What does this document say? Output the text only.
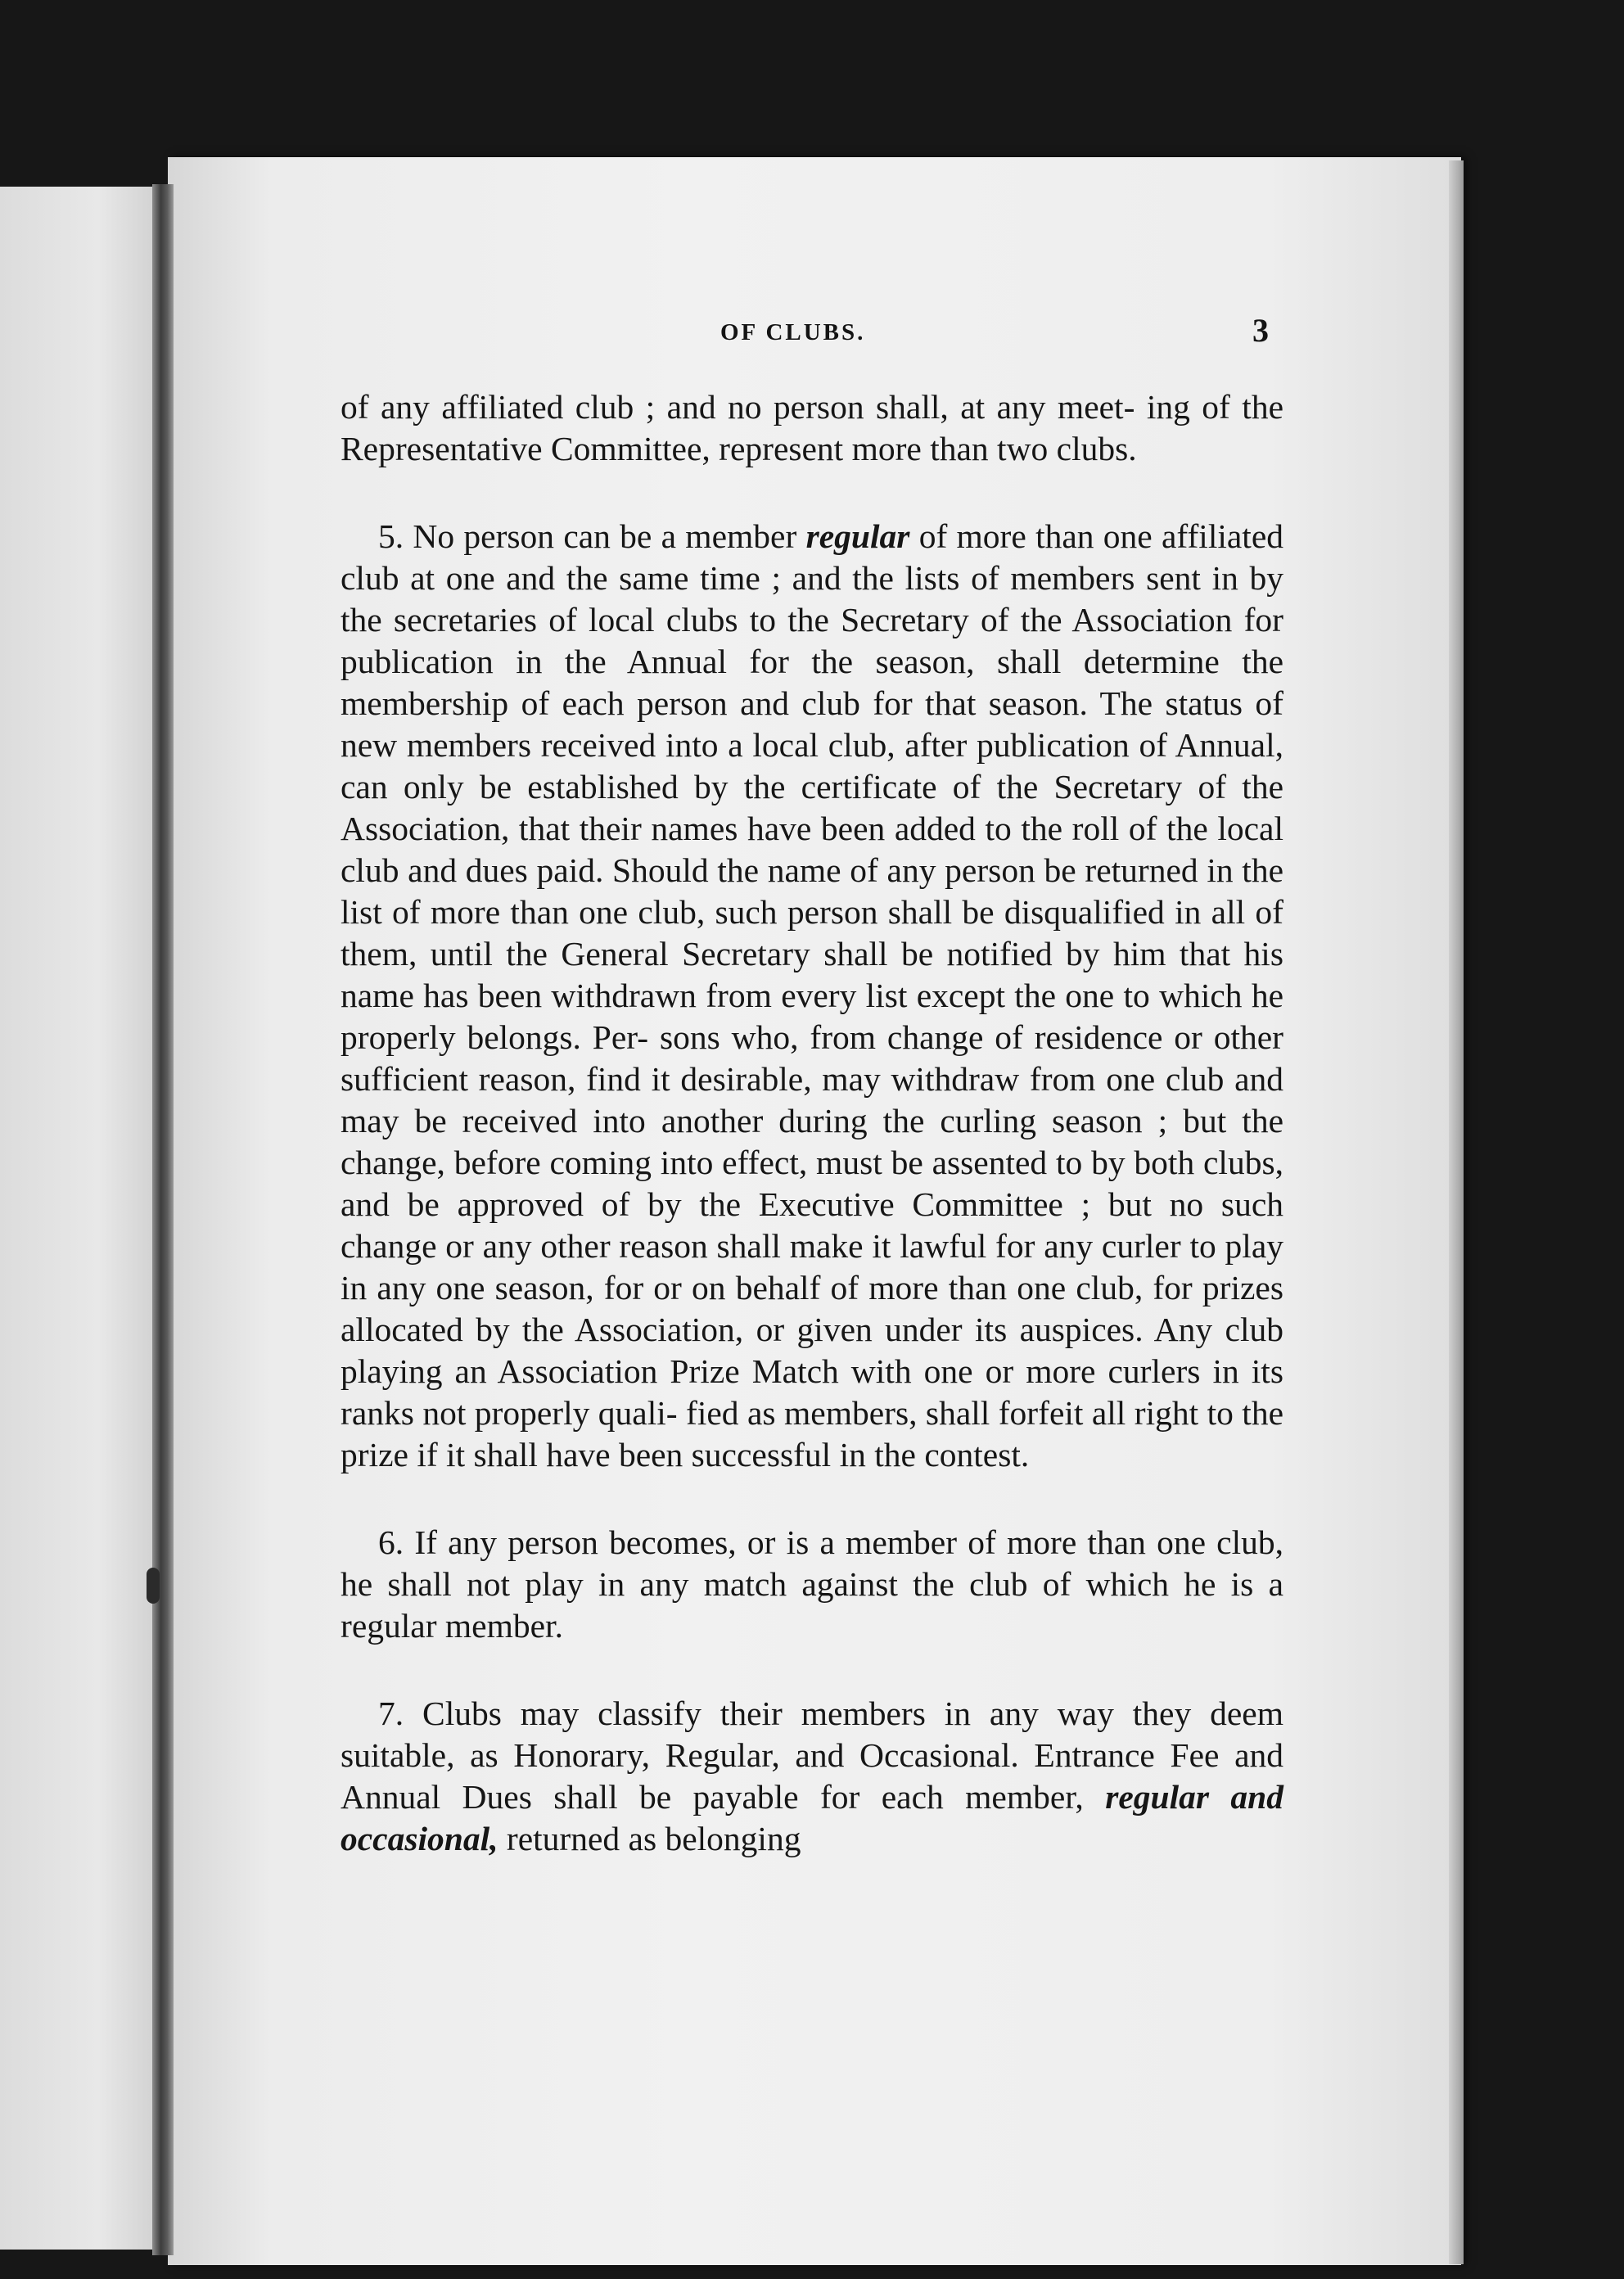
OF CLUBS.	3

of any affiliated club ; and no person shall, at any meet- ing of the Representative Committee, represent more than two clubs.

5. No person can be a member regular of more than one affiliated club at one and the same time ; and the lists of members sent in by the secretaries of local clubs to the Secretary of the Association for publication in the Annual for the season, shall determine the membership of each person and club for that season. The status of new members received into a local club, after publication of Annual, can only be established by the certificate of the Secretary of the Association, that their names have been added to the roll of the local club and dues paid. Should the name of any person be returned in the list of more than one club, such person shall be disqualified in all of them, until the General Secretary shall be notified by him that his name has been withdrawn from every list except the one to which he properly belongs. Per- sons who, from change of residence or other sufficient reason, find it desirable, may withdraw from one club and may be received into another during the curling season ; but the change, before coming into effect, must be assented to by both clubs, and be approved of by the Executive Committee ; but no such change or any other reason shall make it lawful for any curler to play in any one season, for or on behalf of more than one club, for prizes allocated by the Association, or given under its auspices. Any club playing an Association Prize Match with one or more curlers in its ranks not properly quali- fied as members, shall forfeit all right to the prize if it shall have been successful in the contest.

6. If any person becomes, or is a member of more than one club, he shall not play in any match against the club of which he is a regular member.

7. Clubs may classify their members in any way they deem suitable, as Honorary, Regular, and Occasional. Entrance Fee and Annual Dues shall be payable for each member, regular and occasional, returned as belonging
